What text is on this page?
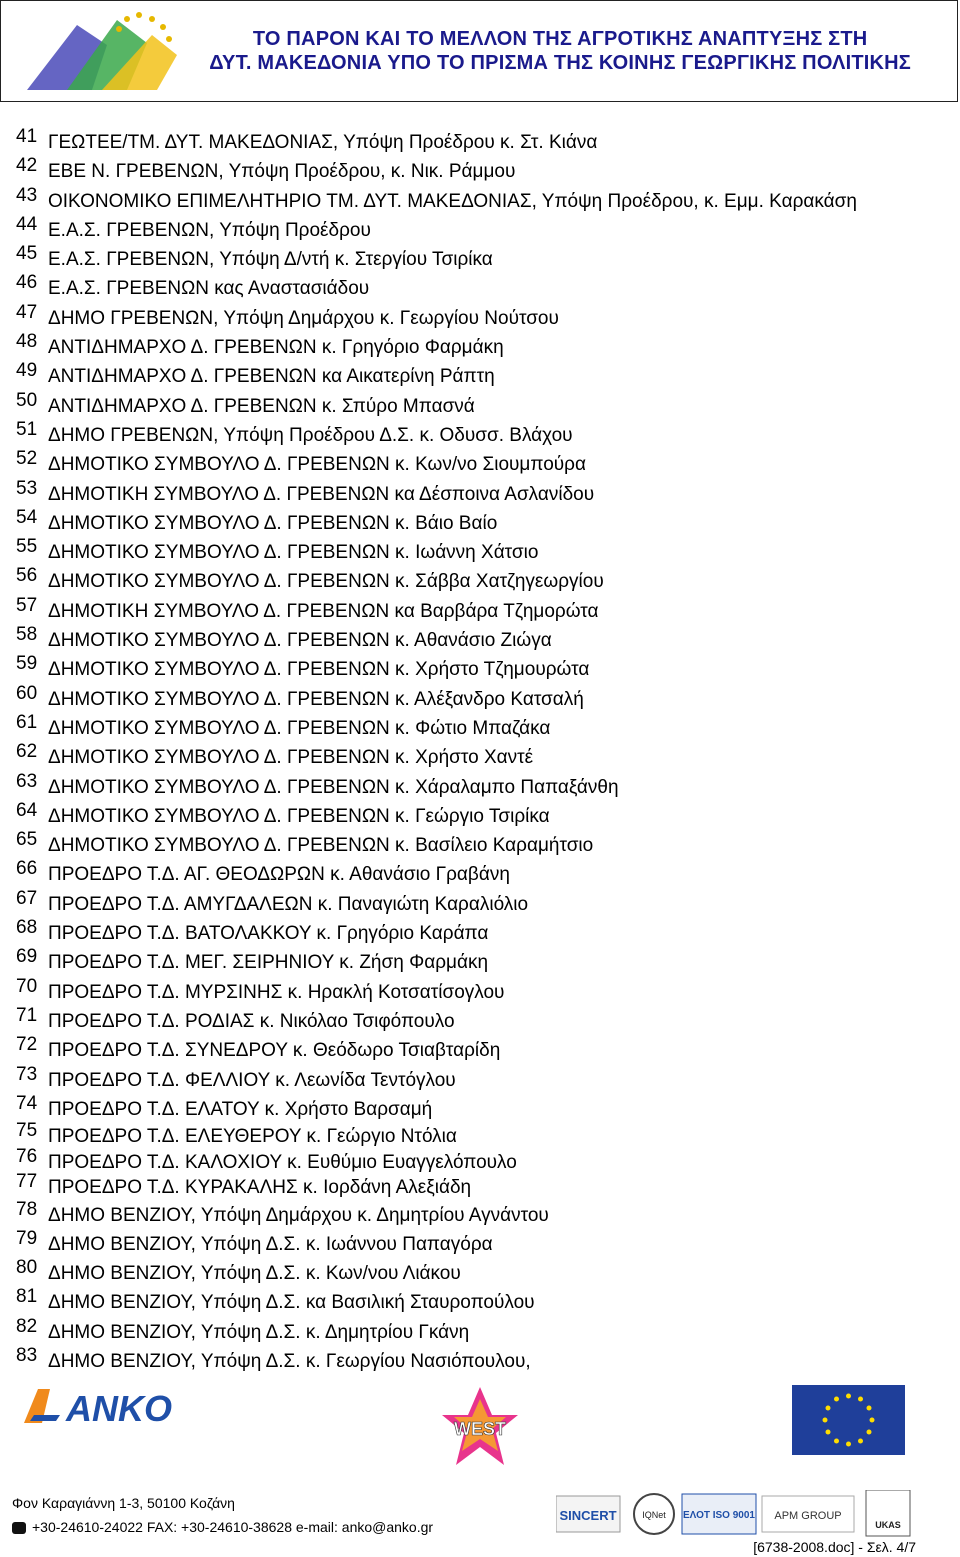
ΤΟ ΠΑΡΟΝ ΚΑΙ ΤΟ ΜΕΛΛΟΝ ΤΗΣ ΑΓΡΟΤΙΚΗΣ ΑΝΑΠΤΥΞΗΣ ΣΤΗ
ΔΥΤ. ΜΑΚΕΔΟΝΙΑ ΥΠΟ ΤΟ ΠΡΙΣΜΑ ΤΗΣ ΚΟΙΝΗΣ ΓΕΩΡΓΙΚΗΣ ΠΟΛΙΤΙΚΗΣ
41 ΓΕΩΤΕΕ/ΤΜ. ΔΥΤ. ΜΑΚΕΔΟΝΙΑΣ, Υπόψη Προέδρου κ. Στ. Κιάνα
42 ΕΒΕ Ν. ΓΡΕΒΕΝΩΝ, Υπόψη Προέδρου, κ. Νικ. Ράμμου
43 ΟΙΚΟΝΟΜΙΚΟ ΕΠΙΜΕΛΗΤΗΡΙΟ ΤΜ. ΔΥΤ. ΜΑΚΕΔΟΝΙΑΣ, Υπόψη Προέδρου, κ. Εμμ. Καρακάση
44 Ε.Α.Σ. ΓΡΕΒΕΝΩΝ, Υπόψη Προέδρου
45 Ε.Α.Σ. ΓΡΕΒΕΝΩΝ, Υπόψη Δ/ντή κ. Στεργίου Τσιρίκα
46 Ε.Α.Σ. ΓΡΕΒΕΝΩΝ κας Αναστασιάδου
47 ΔΗΜΟ ΓΡΕΒΕΝΩΝ, Υπόψη Δημάρχου κ. Γεωργίου Νούτσου
48 ΑΝΤΙΔΗΜΑΡΧΟ Δ. ΓΡΕΒΕΝΩΝ κ. Γρηγόριο Φαρμάκη
49 ΑΝΤΙΔΗΜΑΡΧΟ Δ. ΓΡΕΒΕΝΩΝ κα Αικατερίνη Ράπτη
50 ΑΝΤΙΔΗΜΑΡΧΟ Δ. ΓΡΕΒΕΝΩΝ κ. Σπύρο Μπασνά
51 ΔΗΜΟ ΓΡΕΒΕΝΩΝ, Υπόψη Προέδρου Δ.Σ. κ. Οδυσσ. Βλάχου
52 ΔΗΜΟΤΙΚΟ ΣΥΜΒΟΥΛΟ Δ. ΓΡΕΒΕΝΩΝ κ. Κων/νο Σιουμπούρα
53 ΔΗΜΟΤΙΚΗ ΣΥΜΒΟΥΛΟ Δ. ΓΡΕΒΕΝΩΝ κα Δέσποινα Ασλανίδου
54 ΔΗΜΟΤΙΚΟ ΣΥΜΒΟΥΛΟ Δ. ΓΡΕΒΕΝΩΝ κ. Βάιο Βαίο
55 ΔΗΜΟΤΙΚΟ ΣΥΜΒΟΥΛΟ Δ. ΓΡΕΒΕΝΩΝ κ. Ιωάννη Χάτσιο
56 ΔΗΜΟΤΙΚΟ ΣΥΜΒΟΥΛΟ Δ. ΓΡΕΒΕΝΩΝ κ. Σάββα Χατζηγεωργίου
57 ΔΗΜΟΤΙΚΗ ΣΥΜΒΟΥΛΟ Δ. ΓΡΕΒΕΝΩΝ κα Βαρβάρα Τζημορώτα
58 ΔΗΜΟΤΙΚΟ ΣΥΜΒΟΥΛΟ Δ. ΓΡΕΒΕΝΩΝ κ. Αθανάσιο Ζιώγα
59 ΔΗΜΟΤΙΚΟ ΣΥΜΒΟΥΛΟ Δ. ΓΡΕΒΕΝΩΝ κ. Χρήστο Τζημουρώτα
60 ΔΗΜΟΤΙΚΟ ΣΥΜΒΟΥΛΟ Δ. ΓΡΕΒΕΝΩΝ κ. Αλέξανδρο Κατσαλή
61 ΔΗΜΟΤΙΚΟ ΣΥΜΒΟΥΛΟ Δ. ΓΡΕΒΕΝΩΝ κ. Φώτιο Μπαζάκα
62 ΔΗΜΟΤΙΚΟ ΣΥΜΒΟΥΛΟ Δ. ΓΡΕΒΕΝΩΝ κ. Χρήστο Χαντέ
63 ΔΗΜΟΤΙΚΟ ΣΥΜΒΟΥΛΟ Δ. ΓΡΕΒΕΝΩΝ κ. Χάραλαμπο Παπαξάνθη
64 ΔΗΜΟΤΙΚΟ ΣΥΜΒΟΥΛΟ Δ. ΓΡΕΒΕΝΩΝ κ. Γεώργιο Τσιρίκα
65 ΔΗΜΟΤΙΚΟ ΣΥΜΒΟΥΛΟ Δ. ΓΡΕΒΕΝΩΝ κ. Βασίλειο Καραμήτσιο
66 ΠΡΟΕΔΡΟ Τ.Δ. ΑΓ. ΘΕΟΔΩΡΩΝ κ. Αθανάσιο Γραβάνη
67 ΠΡΟΕΔΡΟ Τ.Δ. ΑΜΥΓΔΑΛΕΩΝ κ. Παναγιώτη Καραλιόλιο
68 ΠΡΟΕΔΡΟ Τ.Δ. ΒΑΤΟΛΑΚΚΟΥ κ. Γρηγόριο Καράπα
69 ΠΡΟΕΔΡΟ Τ.Δ. ΜΕΓ. ΣΕΙΡΗΝΙΟΥ κ. Ζήση Φαρμάκη
70 ΠΡΟΕΔΡΟ Τ.Δ. ΜΥΡΣΙΝΗΣ κ. Ηρακλή Κοτσατίσογλου
71 ΠΡΟΕΔΡΟ Τ.Δ. ΡΟΔΙΑΣ κ. Νικόλαο Τσιφόπουλο
72 ΠΡΟΕΔΡΟ Τ.Δ. ΣΥΝΕΔΡΟΥ κ. Θεόδωρο Τσιαβταρίδη
73 ΠΡΟΕΔΡΟ Τ.Δ. ΦΕΛΛΙΟΥ κ. Λεωνίδα Τεντόγλου
74 ΠΡΟΕΔΡΟ Τ.Δ. ΕΛΑΤΟΥ κ. Χρήστο Βαρσαμή
75 ΠΡΟΕΔΡΟ Τ.Δ. ΕΛΕΥΘΕΡΟΥ κ. Γεώργιο Ντόλια
76 ΠΡΟΕΔΡΟ Τ.Δ. ΚΑΛΟΧΙΟΥ κ. Ευθύμιο Ευαγγελόπουλο
77 ΠΡΟΕΔΡΟ Τ.Δ. ΚΥΡΑΚΑΛΗΣ κ. Ιορδάνη Αλεξιάδη
78 ΔΗΜΟ ΒΕΝΖΙΟΥ, Υπόψη Δημάρχου κ. Δημητρίου Αγνάντου
79 ΔΗΜΟ ΒΕΝΖΙΟΥ, Υπόψη Δ.Σ. κ. Ιωάννου Παπαγόρα
80 ΔΗΜΟ ΒΕΝΖΙΟΥ, Υπόψη Δ.Σ. κ. Κων/νου Λιάκου
81 ΔΗΜΟ ΒΕΝΖΙΟΥ, Υπόψη Δ.Σ. κα Βασιλική Σταυροπούλου
82 ΔΗΜΟ ΒΕΝΖΙΟΥ, Υπόψη Δ.Σ. κ. Δημητρίου Γκάνη
83 ΔΗΜΟ ΒΕΝΖΙΟΥ, Υπόψη Δ.Σ. κ. Γεωργίου Νασιόπουλου,
ANKO	WEST
SINCERT	IQNet ΕΛΟΤ ISO 9001 APM GROUP
UKAS
Φον Καραγιάννη 1-3, 50100 Κοζάνη
+30-24610-24022 FAX: +30-24610-38628 e-mail: anko@anko.gr
[6738-2008.doc] - Σελ. 4/7
